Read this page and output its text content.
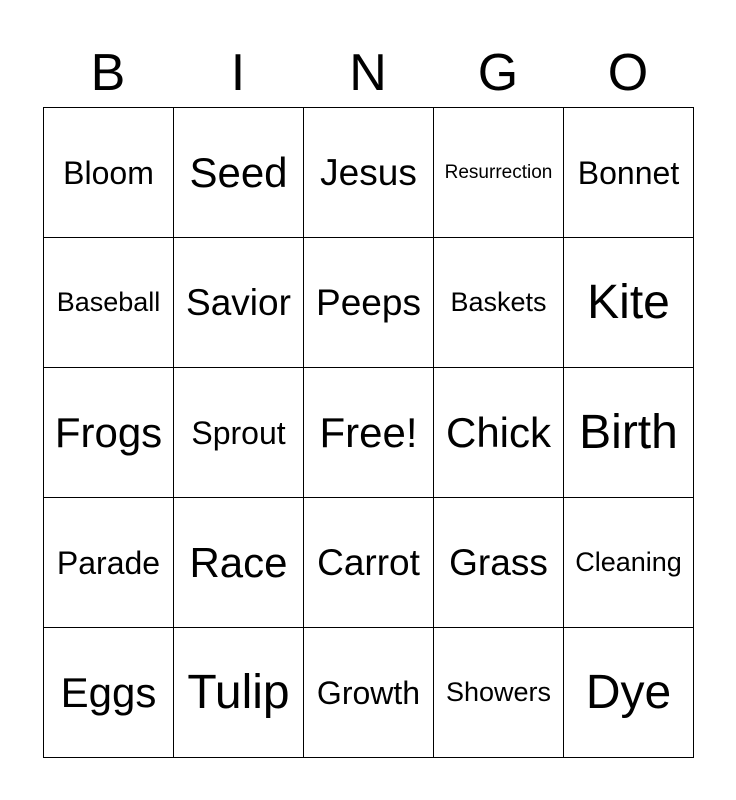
B	I	N	G	O
Bloom Seed Jesus Resurrection Bonnet
Baseball Savior Peeps Baskets Kite
Frogs Sprout Free! Chick Birth
Parade Race Carrot Grass Cleaning
Eggs Tulip Growth Showers Dye
